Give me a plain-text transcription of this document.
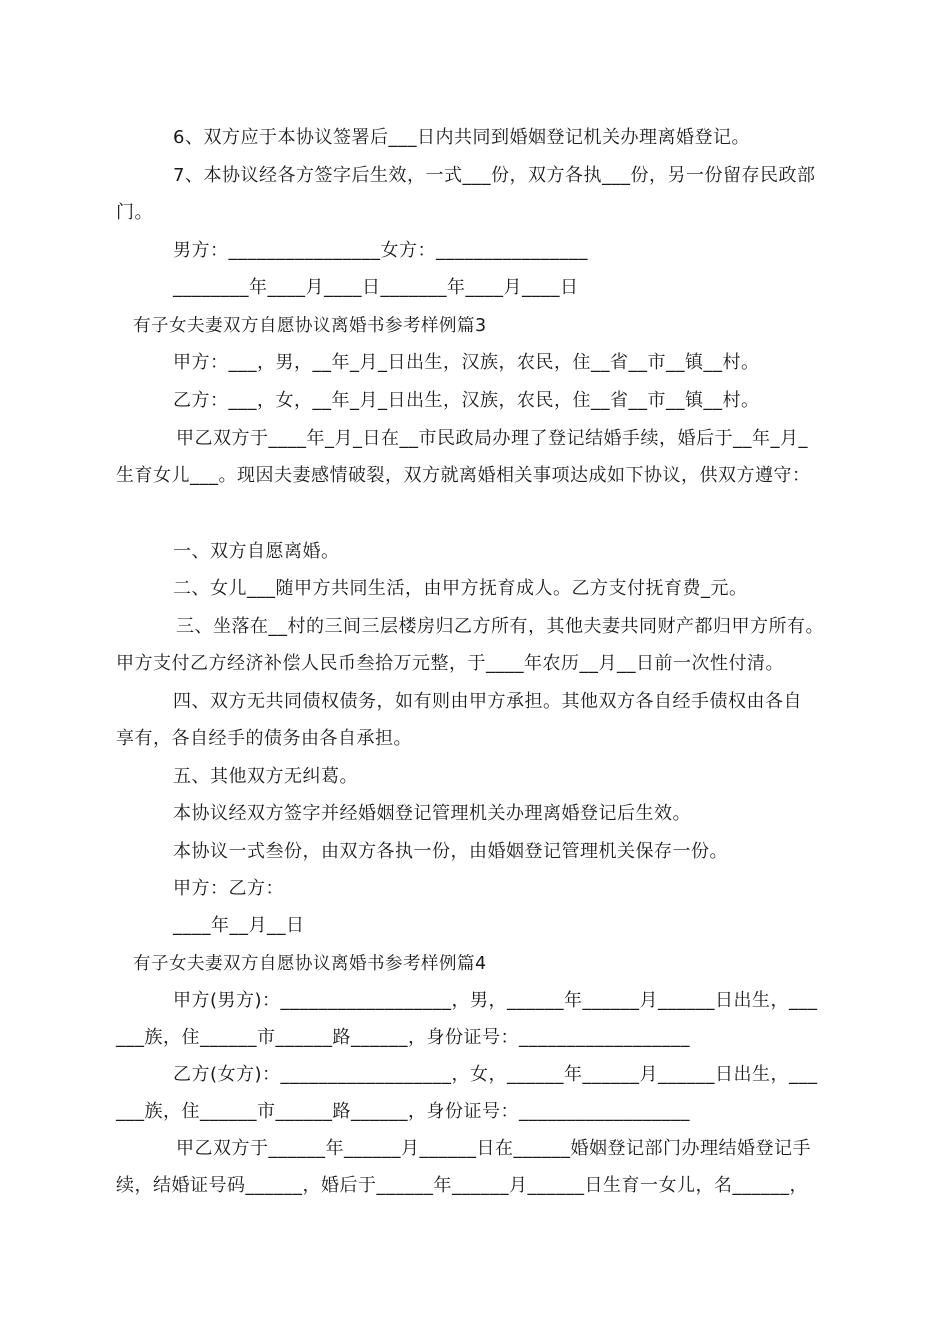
6、双方应于本协议签署后___日内共同到婚姻登记机关办理离婚登记。

7、本协议经各方签字后生效，一式___份，双方各执___份，另一份留存民政部

门。

男方：________________女方：________________

________年____月____日_______年____月____日

有子女夫妻双方自愿协议离婚书参考样例篇3

甲方：___，男，__年_月_日出生，汉族，农民，住__省__市__镇__村。

乙方：___，女，__年_月_日出生，汉族，农民，住__省__市__镇__村。

甲乙双方于____年_月_日在__市民政局办理了登记结婚手续，婚后于__年_月_

生育女儿___。现因夫妻感情破裂，双方就离婚相关事项达成如下协议，供双方遵守：

一、双方自愿离婚。

二、女儿___随甲方共同生活，由甲方抚育成人。乙方支付抚育费_元。

三、坐落在__村的三间三层楼房归乙方所有，其他夫妻共同财产都归甲方所有。

甲方支付乙方经济补偿人民币叁拾万元整，于____年农历__月__日前一次性付清。

四、双方无共同债权债务，如有则由甲方承担。其他双方各自经手债权由各自

享有，各自经手的债务由各自承担。

五、其他双方无纠葛。

本协议经双方签字并经婚姻登记管理机关办理离婚登记后生效。

本协议一式叁份，由双方各执一份，由婚姻登记管理机关保存一份。

甲方：乙方：

____年__月__日

有子女夫妻双方自愿协议离婚书参考样例篇4

甲方(男方)：__________________，男，______年______月______日出生，___

___族，住______市______路______，身份证号：__________________

乙方(女方)：__________________，女，______年______月______日出生，___

___族，住______市______路______，身份证号：__________________

甲乙双方于______年______月______日在______婚姻登记部门办理结婚登记手

续，结婚证号码______，婚后于______年______月______日生育一女儿，名______，
